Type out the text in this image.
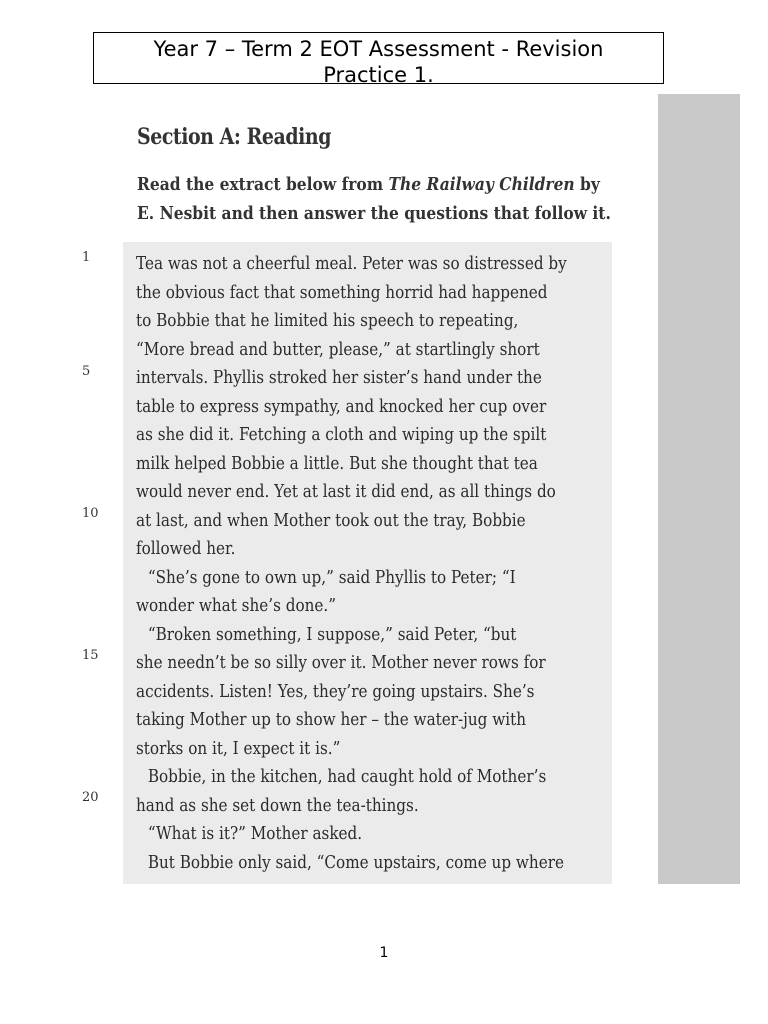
Year 7 – Term 2 EOT Assessment - Revision
Practice 1.
Section A: Reading
Read the extract below from The Railway Children by
E. Nesbit and then answer the questions that follow it.
1
5
10
15
20
Tea was not a cheerful meal. Peter was so distressed by
the obvious fact that something horrid had happened
to Bobbie that he limited his speech to repeating,
“More bread and butter, please,” at startlingly short
intervals. Phyllis stroked her sister’s hand under the
table to express sympathy, and knocked her cup over
as she did it. Fetching a cloth and wiping up the spilt
milk helped Bobbie a little. But she thought that tea
would never end. Yet at last it did end, as all things do
at last, and when Mother took out the tray, Bobbie
followed her.
“She’s gone to own up,” said Phyllis to Peter; “I
wonder what she’s done.”
“Broken something, I suppose,” said Peter, “but
she needn’t be so silly over it. Mother never rows for
accidents. Listen! Yes, they’re going upstairs. She’s
taking Mother up to show her – the water-jug with
storks on it, I expect it is.”
Bobbie, in the kitchen, had caught hold of Mother’s
hand as she set down the tea-things.
“What is it?” Mother asked.
But Bobbie only said, “Come upstairs, come up where
1
